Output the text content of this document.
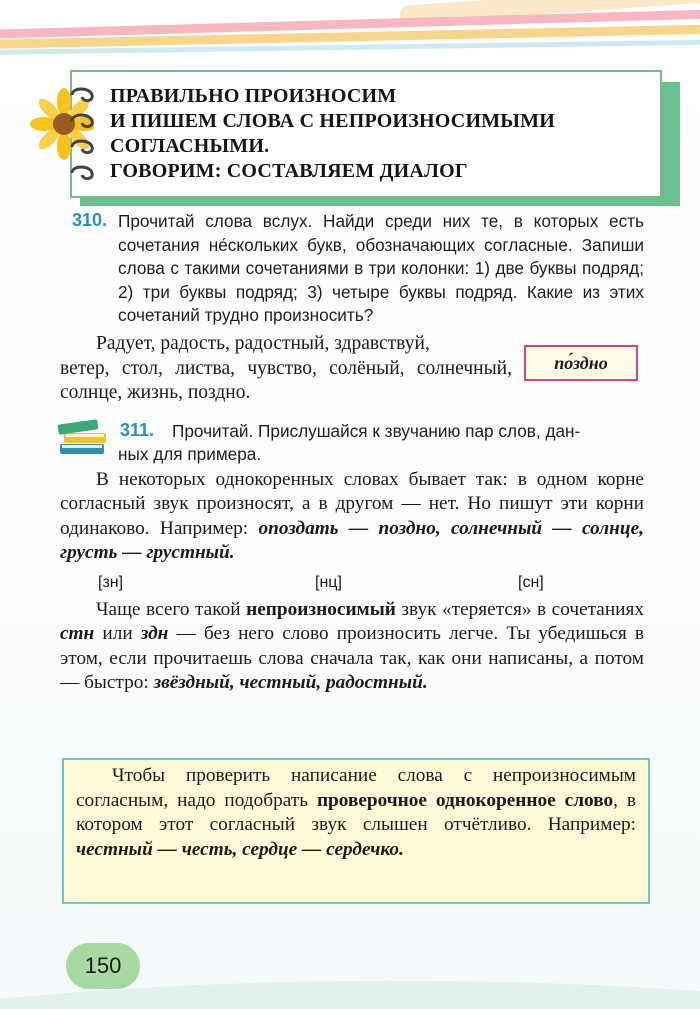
ПРАВИЛЬНО ПРОИЗНОСИМ
И ПИШЕМ СЛОВА С НЕПРОИЗНОСИМЫМИ
СОГЛАСНЫМИ.
ГОВОРИМ: СОСТАВЛЯЕМ ДИАЛОГ
310. Прочитай слова вслух. Найди среди них те, в которых есть сочетания не́скольких букв, обозначающих согласные. Запиши слова с такими сочетаниями в три колонки: 1) две буквы подряд; 2) три буквы подряд; 3) четыре буквы подряд. Какие из этих сочетаний трудно произносить?
Радует, радость, радостный, здравствуй,
ветер, стол, листва, чувство, солёный, солнечный, солнце, жизнь, поздно.
по́здно
311. Прочитай. Прислушайся к звучанию пар слов, дан-
ных для примера.
В некоторых однокоренных словах бывает так: в одном корне согласный звук произносят, а в другом — нет. Но пишут эти корни одинаково. Например: опоздать — поздно, солнечный — солнце, грусть — грустный.
[зн]	[нц]	[сн]
Чаще всего такой непроизносимый звук «теряется» в сочетаниях стн или здн — без него слово произносить легче. Ты убедишься в этом, если прочитаешь слова сначала так, как они написаны, а потом — быстро: звёздный, честный, радостный.
Чтобы проверить написание слова с непроизносимым согласным, надо подобрать проверочное однокоренное слово, в котором этот согласный звук слышен отчётливо. Например: честный — честь, сердце — сердечко.
150
